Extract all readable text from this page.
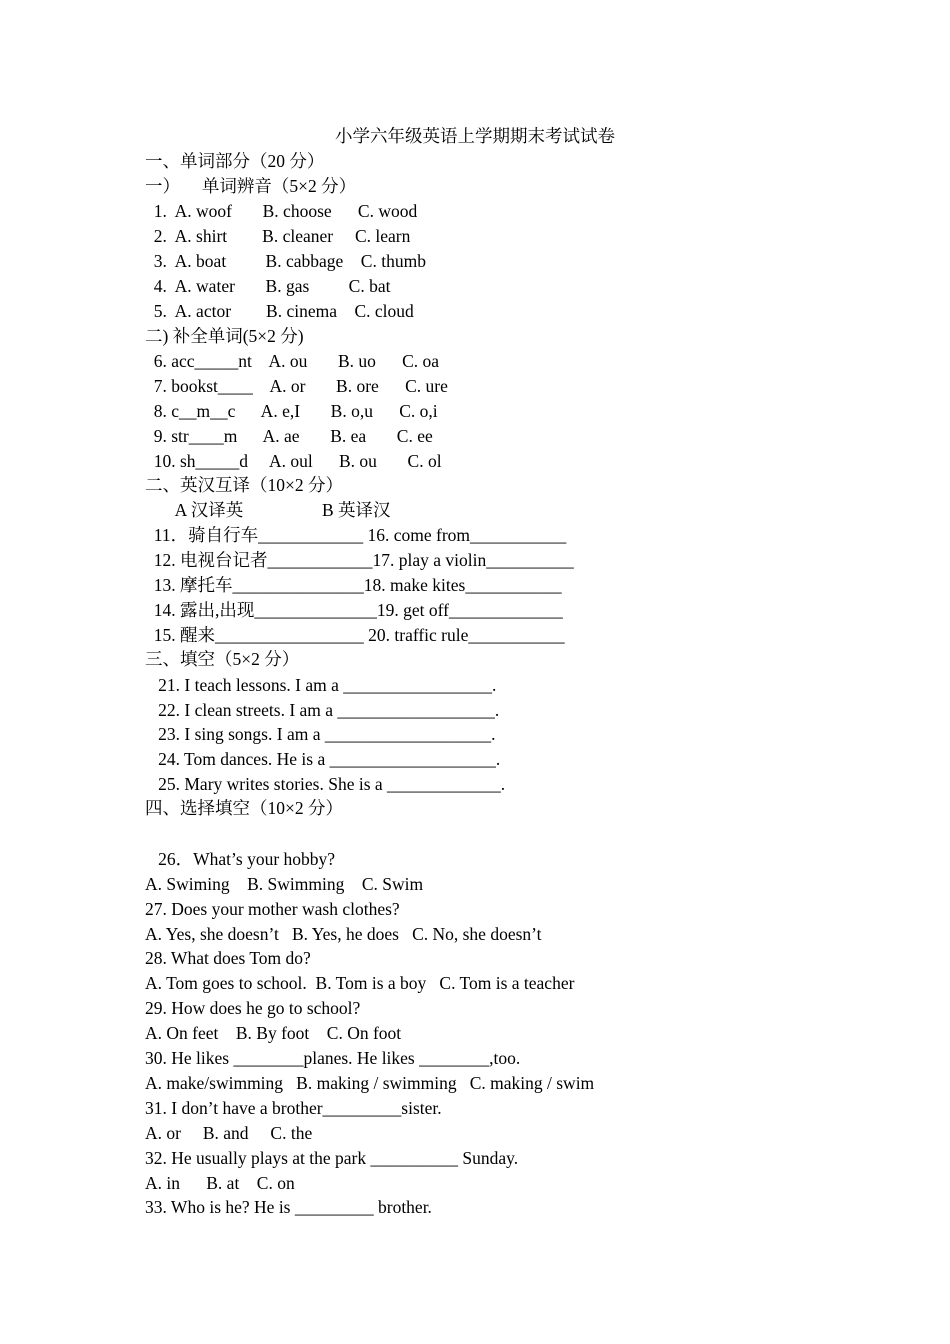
小学六年级英语上学期期末考试试卷
一、单词部分（20 分）
一）     单词辨音（5×2 分）
1.  A. woof       B. choose      C. wood
2.  A. shirt        B. cleaner     C. learn
3.  A. boat         B. cabbage    C. thumb
4.  A. water       B. gas         C. bat
5.  A. actor        B. cinema    C. cloud
二) 补全单词(5×2 分)
6. acc_____nt    A. ou       B. uo      C. oa
7. bookst____    A. or       B. ore      C. ure
8. c__m__c      A. e,I       B. o,u      C. o,i
9. str____m      A. ae       B. ea       C. ee
10. sh_____d     A. oul      B. ou       C. ol
二、英汉互译（10×2 分）
A 汉译英                  B 英译汉
11．骑自行车____________ 16. come from___________
12. 电视台记者____________17. play a violin__________
13. 摩托车_______________18. make kites___________
14. 露出,出现______________19. get off_____________
15. 醒来_________________ 20. traffic rule___________
三、填空（5×2 分）
21. I teach lessons. I am a _________________.
22. I clean streets. I am a __________________.
23. I sing songs. I am a ___________________.
24. Tom dances. He is a ___________________.
25. Mary writes stories. She is a _____________.
四、选择填空（10×2 分）
26．What’s your hobby?
A. Swiming    B. Swimming    C. Swim
27. Does your mother wash clothes?
A. Yes, she doesn’t   B. Yes, he does   C. No, she doesn’t
28. What does Tom do?
A. Tom goes to school.  B. Tom is a boy   C. Tom is a teacher
29. How does he go to school?
A. On feet    B. By foot    C. On foot
30. He likes ________planes. He likes ________,too.
A. make/swimming   B. making / swimming   C. making / swim
31. I don’t have a brother_________sister.
A. or     B. and     C. the
32. He usually plays at the park __________ Sunday.
A. in      B. at    C. on
33. Who is he? He is _________ brother.
